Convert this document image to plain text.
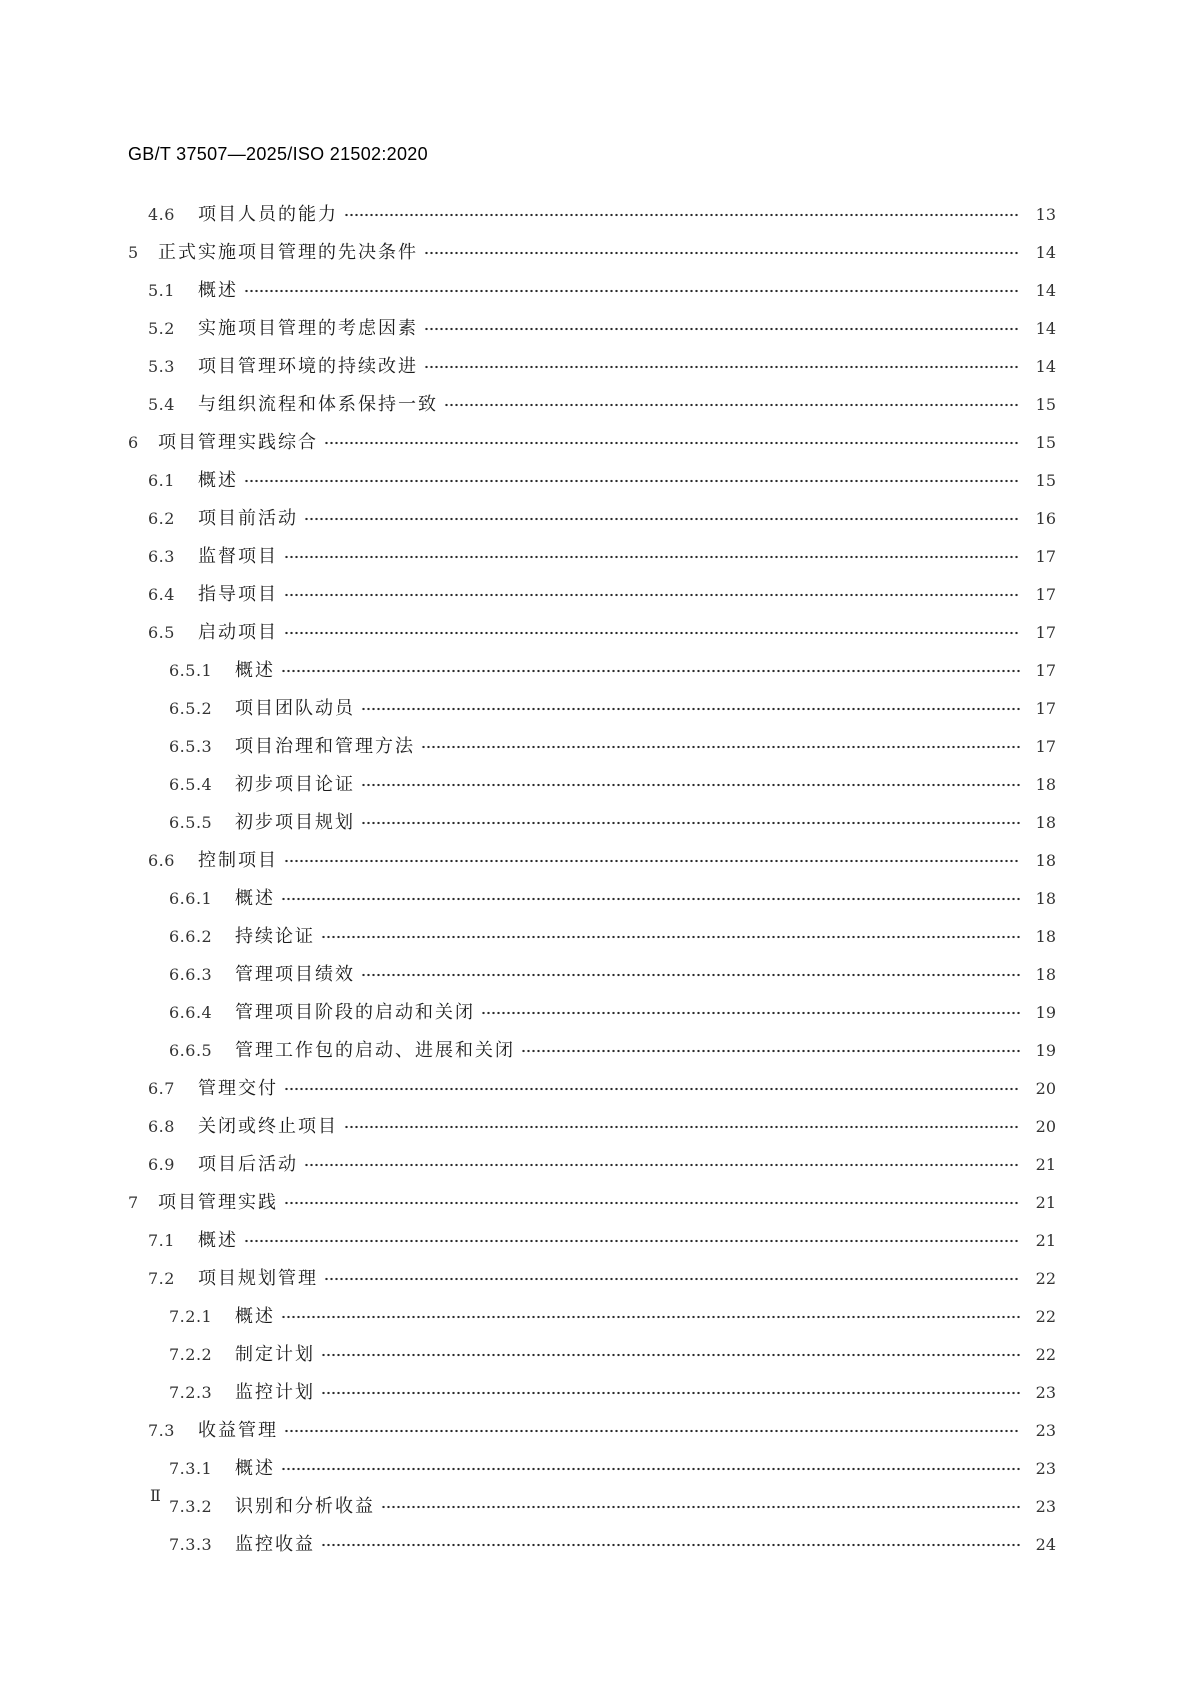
GB/T 37507—2025/ISO 21502:2020
4.6	项目人员的能力	13
5	正式实施项目管理的先决条件	14
5.1	概述	14
5.2	实施项目管理的考虑因素	14
5.3	项目管理环境的持续改进	14
5.4	与组织流程和体系保持一致	15
6	项目管理实践综合	15
6.1	概述	15
6.2	项目前活动	16
6.3	监督项目	17
6.4	指导项目	17
6.5	启动项目	17
6.5.1	概述	17
6.5.2	项目团队动员	17
6.5.3	项目治理和管理方法	17
6.5.4	初步项目论证	18
6.5.5	初步项目规划	18
6.6	控制项目	18
6.6.1	概述	18
6.6.2	持续论证	18
6.6.3	管理项目绩效	18
6.6.4	管理项目阶段的启动和关闭	19
6.6.5	管理工作包的启动、进展和关闭	19
6.7	管理交付	20
6.8	关闭或终止项目	20
6.9	项目后活动	21
7	项目管理实践	21
7.1	概述	21
7.2	项目规划管理	22
7.2.1	概述	22
7.2.2	制定计划	22
7.2.3	监控计划	23
7.3	收益管理	23
7.3.1	概述	23
7.3.2	识别和分析收益	23
7.3.3	监控收益	24
Ⅱ
